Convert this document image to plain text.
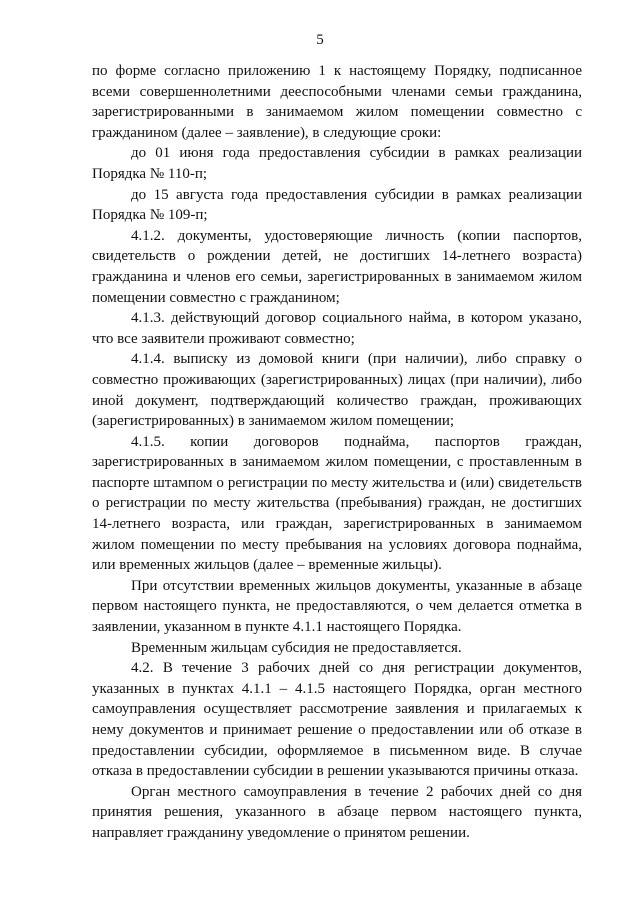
5

по форме согласно приложению 1 к настоящему Порядку, подписанное всеми совершеннолетними дееспособными членами семьи гражданина, зарегистрированными в занимаемом жилом помещении совместно с гражданином (далее – заявление), в следующие сроки:

до 01 июня года предоставления субсидии в рамках реализации Порядка № 110-п;

до 15 августа года предоставления субсидии в рамках реализации Порядка № 109-п;

4.1.2. документы, удостоверяющие личность (копии паспортов, свидетельств о рождении детей, не достигших 14-летнего возраста) гражданина и членов его семьи, зарегистрированных в занимаемом жилом помещении совместно с гражданином;

4.1.3. действующий договор социального найма, в котором указано, что все заявители проживают совместно;

4.1.4. выписку из домовой книги (при наличии), либо справку о совместно проживающих (зарегистрированных) лицах (при наличии), либо иной документ, подтверждающий количество граждан, проживающих (зарегистрированных) в занимаемом жилом помещении;

4.1.5. копии договоров поднайма, паспортов граждан, зарегистрированных в занимаемом жилом помещении, с проставленным в паспорте штампом о регистрации по месту жительства и (или) свидетельств о регистрации по месту жительства (пребывания) граждан, не достигших 14-летнего возраста, или граждан, зарегистрированных в занимаемом жилом помещении по месту пребывания на условиях договора поднайма, или временных жильцов (далее – временные жильцы).

При отсутствии временных жильцов документы, указанные в абзаце первом настоящего пункта, не предоставляются, о чем делается отметка в заявлении, указанном в пункте 4.1.1 настоящего Порядка.

Временным жильцам субсидия не предоставляется.

4.2. В течение 3 рабочих дней со дня регистрации документов, указанных в пунктах 4.1.1 – 4.1.5 настоящего Порядка, орган местного самоуправления осуществляет рассмотрение заявления и прилагаемых к нему документов и принимает решение о предоставлении или об отказе в предоставлении субсидии, оформляемое в письменном виде. В случае отказа в предоставлении субсидии в решении указываются причины отказа.

Орган местного самоуправления в течение 2 рабочих дней со дня принятия решения, указанного в абзаце первом настоящего пункта, направляет гражданину уведомление о принятом решении.
